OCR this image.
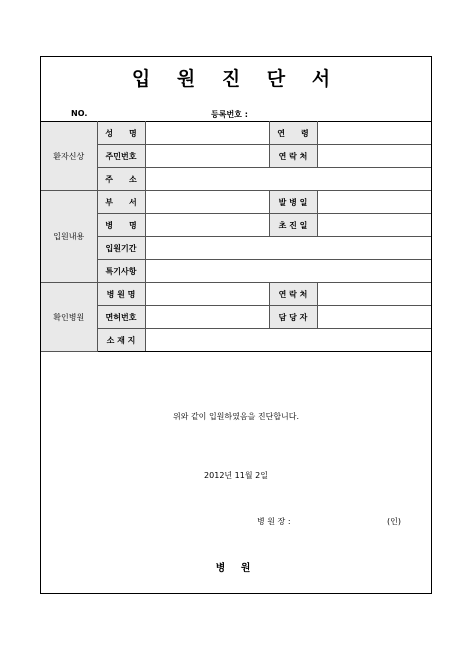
입 원 진 단 서
NO.	등록번호 :
환자신상	성　　명		연　　령	
	주민번호		연 락 처	
	주　　소			
입원내용	부　　서		발 병 일	
	병　　명		초 진 일	
	입원기간			
	특기사항			
확인병원	병 원 명		연 락 처	
	면허번호		담 당 자	
	소 재 지			
위와 같이 입원하였음을 진단합니다.
2012년 11월 2일
병 원 장 :	(인)
병 원
